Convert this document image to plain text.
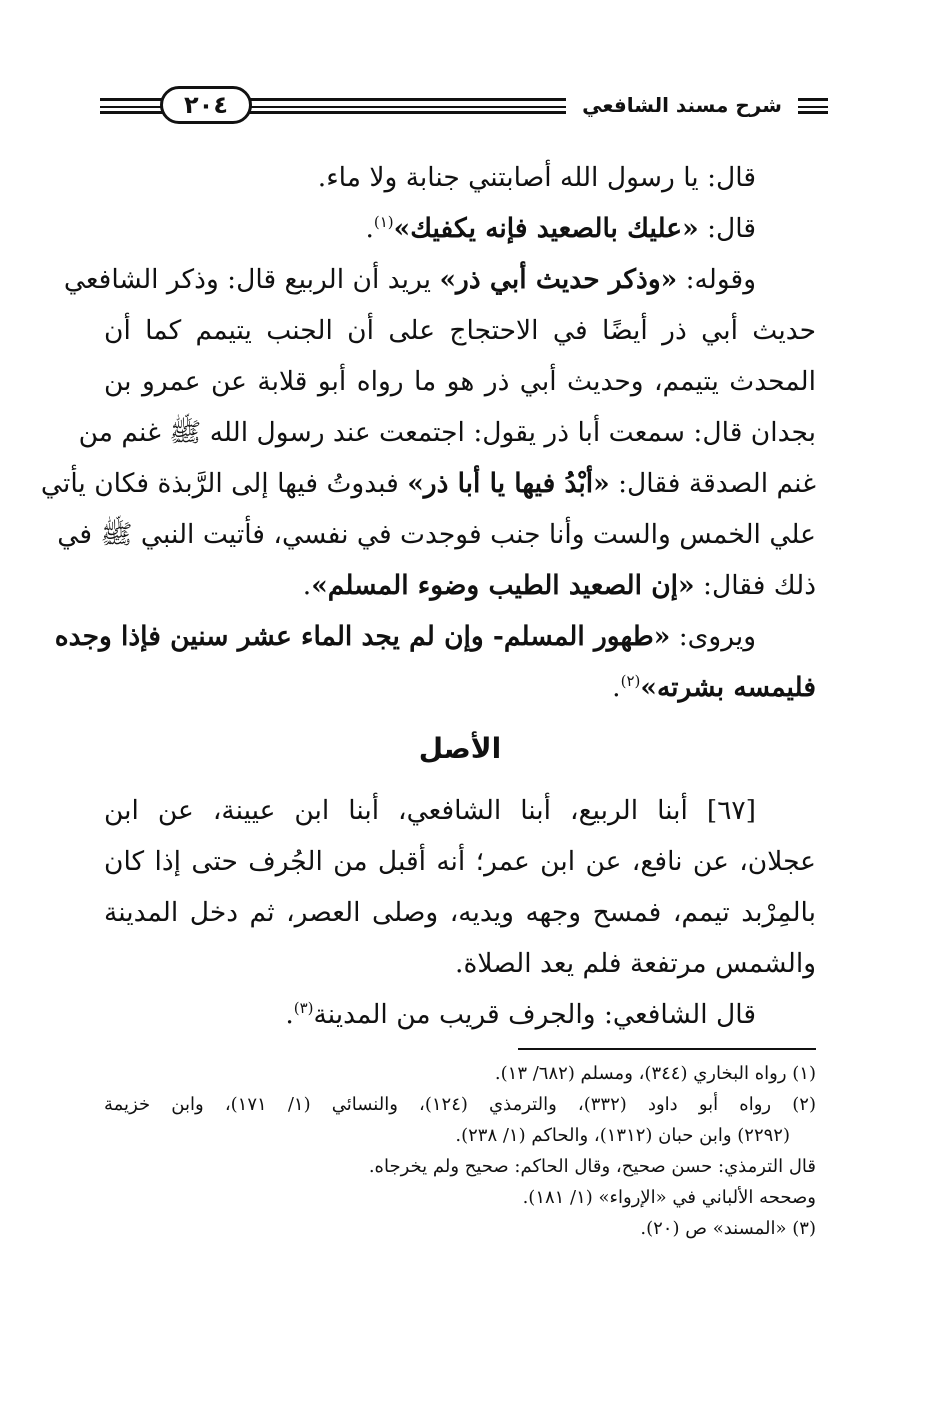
شرح مسند الشافعي
٢٠٤
قال: يا رسول الله أصابتني جنابة ولا ماء.
قال: «عليك بالصعيد فإنه يكفيك»$^{(١)}$.
وقوله: «وذكر حديث أبي ذر» يريد أن الربيع قال: وذكر الشافعي
حديث أبي ذر أيضًا في الاحتجاج على أن الجنب يتيمم كما أن
المحدث يتيمم، وحديث أبي ذر هو ما رواه أبو قلابة عن عمرو بن
بجدان قال: سمعت أبا ذر يقول: اجتمعت عند رسول الله ﷺ غنم من
غنم الصدقة فقال: «أبْدُ فيها يا أبا ذر» فبدوتُ فيها إلى الرَّبذة فكان يأتي
علي الخمس والست وأنا جنب فوجدت في نفسي، فأتيت النبي ﷺ في
ذلك فقال: «إن الصعيد الطيب وضوء المسلم».
ويروى: «طهور المسلم- وإن لم يجد الماء عشر سنين فإذا وجده
فليمسه بشرته»$^{(٢)}$.
الأصل
[٦٧] أبنا الربيع، أبنا الشافعي، أبنا ابن عيينة، عن ابن
عجلان، عن نافع، عن ابن عمر؛ أنه أقبل من الجُرف حتى إذا كان
بالمِرْبد تيمم، فمسح وجهه ويديه، وصلى العصر، ثم دخل المدينة
والشمس مرتفعة فلم يعد الصلاة.
قال الشافعي: والجرف قريب من المدينة$^{(٣)}$.
(١) رواه البخاري (٣٤٤)، ومسلم (٦٨٢/ ١٣).
(٢) رواه أبو داود (٣٣٢)، والترمذي (١٢٤)، والنسائي (١/ ١٧١)، وابن خزيمة
(٢٢٩٢) وابن حبان (١٣١٢)، والحاكم (١/ ٢٣٨).
قال الترمذي: حسن صحيح، وقال الحاكم: صحيح ولم يخرجاه.
وصححه الألباني في «الإرواء» (١/ ١٨١).
(٣) «المسند» ص (٢٠).
